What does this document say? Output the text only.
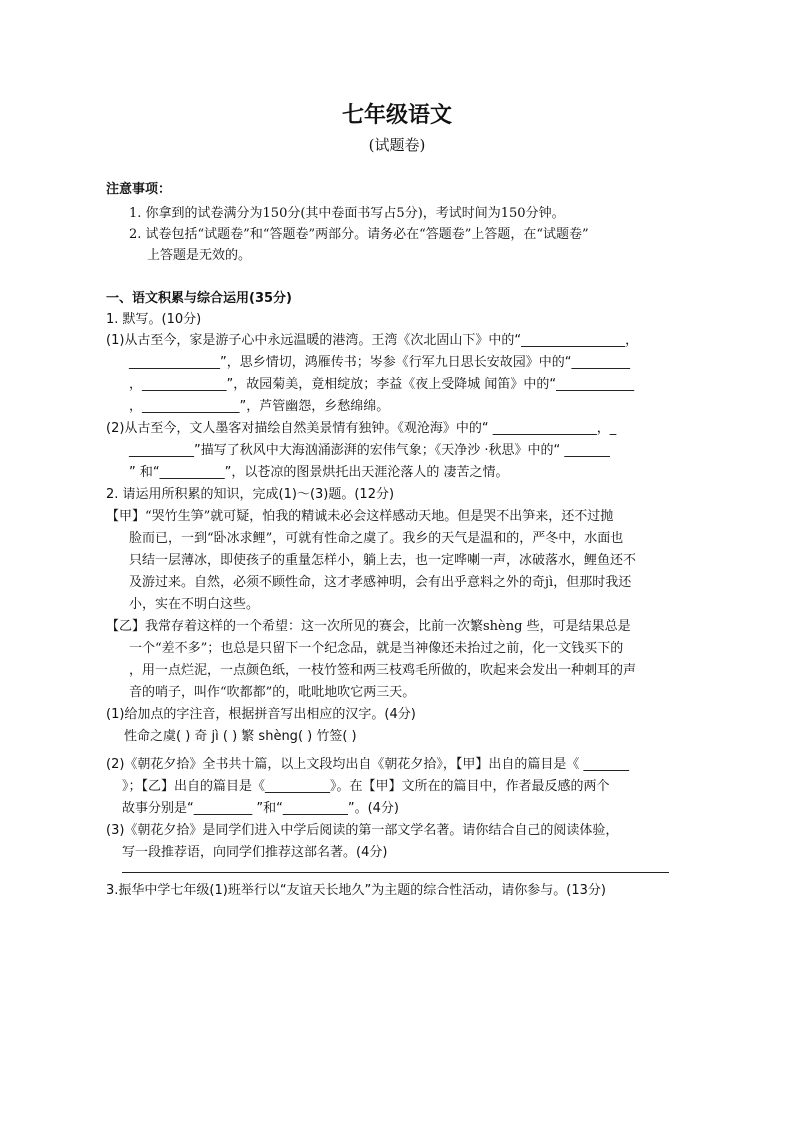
七年级语文
(试题卷)
注意事项：
1. 你拿到的试卷满分为150分(其中卷面书写占5分)，考试时间为150分钟。
2. 试卷包括“试题卷”和“答题卷”两部分。请务必在“答题卷”上答题，在“试题卷”
上答题是无效的。
一、语文积累与综合运用(35分)
1. 默写。(10分)
(1)从古至今，家是游子心中永远温暖的港湾。王湾《次北固山下》中的“________________，
______________”，思乡情切，鸿雁传书；岑参《行军九日思长安故园》中的“_________
，_____________”，故园菊美，竟相绽放；李益《夜上受降城 闻笛》中的“____________
，_______________”，芦管幽怨，乡愁绵绵。
(2)从古至今，文人墨客对描绘自然美景情有独钟。《观沧海》中的“ ________________，_
__________”描写了秋风中大海汹涌澎湃的宏伟气象；《天净沙 ·秋思》中的“ _______
” 和“__________”，以苍凉的图景烘托出天涯沦落人的 凄苦之情。
2. 请运用所积累的知识，完成(1)～(3)题。(12分)
【甲】“哭竹生笋”就可疑，怕我的精诚未必会这样感动天地。但是哭不出笋来，还不过抛
脸而已，一到“卧冰求鲤”，可就有性命之虞了。我乡的天气是温和的，严冬中，水面也
只结一层薄冰，即使孩子的重量怎样小，躺上去，也一定哗喇一声，冰破落水，鲤鱼还不
及游过来。自然，必须不顾性命，这才孝感神明，会有出乎意料之外的奇jì，但那时我还
小，实在不明白这些。
【乙】我常存着这样的一个希望：这一次所见的赛会，比前一次繁shèng 些，可是结果总是
一个“差不多”；也总是只留下一个纪念品，就是当神像还未抬过之前，化一文钱买下的
，用一点烂泥，一点颜色纸，一枝竹签和两三枝鸡毛所做的，吹起来会发出一种刺耳的声
音的哨子，叫作“吹都都”的，吡吡地吹它两三天。
(1)给加点的字注音，根据拼音写出相应的汉字。(4分)
性命之虞( ) 奇 jì ( ) 繁 shèng( ) 竹签( )
(2)《朝花夕拾》全书共十篇，以上文段均出自《朝花夕拾》，【甲】出自的篇目是《 _______
》；【乙】出自的篇目是《__________》。在【甲】文所在的篇目中，作者最反感的两个
故事分别是“_________ ”和“__________”。(4分)
(3)《朝花夕拾》是同学们进入中学后阅读的第一部文学名著。请你结合自己的阅读体验，
写一段推荐语，向同学们推荐这部名著。(4分)
3.振华中学七年级(1)班举行以“友谊天长地久”为主题的综合性活动，请你参与。(13分)
